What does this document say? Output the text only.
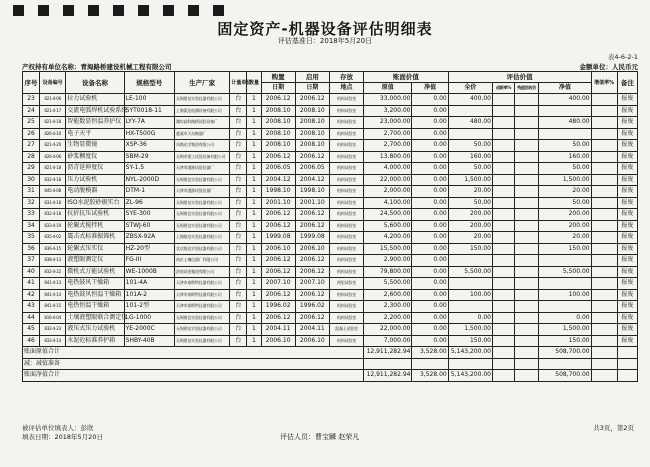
固定资产-机器设备评估明细表
评估基准日：2018年5月20日
表4-6-2-1
产权持有单位名称：青海路桥建设机械工程有限公司	金额单位：人民币元
序号	设备编号	设备名称	规格型号	生产厂家	计量单位	数量	购置	启用	存放	账面价值		评估价值				增值率%	备注
							日期	日期	地点	原值	净值	全价	成新率%	残值回收价	净值		
23	821-4-06	拉力试验机	LE-100	无锡建仪实验仪器有限公司	台	1	2006.12	2006.12	机料试验室	33,000.00	0.00	400.00			400.00		报废
24	821-4-17	交流电弧焊机试验系统	SYT0018-11	上海蒙达检测设备有限公司	台	1	2008.10	2008.10	机料试验室	3,200.00	0.00						报废
25	821-4-18	智能数显恒温养护仪	LYY-7A	潍坊高科路桥试验设备厂	台	1	2008.10	2008.10	机料试验室	23,000.00	0.00	480.00			480.00		报废
26	826-4-10	电子天平	HX-T500G	慈溪市天东衡器厂	台	1	2008.10	2008.10	机料试验室	2,700.00	0.00						报废
27	821-4-20	生物显微镜	XSP-36	凤凰光学集团有限公司	台	1	2008.10	2008.10	机料试验室	2,700.00	0.00	50.00			50.00		报废
28	826-4-06	砂浆稠度仪	SBM-29	无锡市建工试验设备有限公司	台	1	2006.12	2006.12	机料试验室	13,800.00	0.00	160.00			160.00		报废
29	821-4-18	沥青延伸度仪	SY-1.5	天津市港源试验仪器厂	台	1	2006.05	2006.05	机料试验室	4,000.00	0.00	50.00			50.00		报废
30	832-4-18	压力试验机	NYL-2000D	无锡建仪实验仪器有限公司	台	1	2004.12	2004.12	机料试验室	22,000.00	0.00	1,500.00			1,500.00		报废
31	845-4-08	电动脱模器	DTM-1	天津市港源试验仪器厂	台	1	1998.10	1998.10	机料试验室	2,000.00	0.00	20.00			20.00		报废
32	831-4-18	ISO水泥胶砂振实台	ZL-96	无锡建仪实验仪器有限公司	台	1	2001.10	2001.10	机料试验室	4,100.00	0.00	50.00			50.00		报废
33	832-4-18	抗折抗压试验机	SYE-300	无锡建仪实验仪器有限公司	台	1	2006.12	2006.12	机料试验室	24,500.00	0.00	200.00			200.00		报废
34	833-4-19	轮碾式搅拌机	STWJ-60	无锡建仪实验仪器有限公司	台	1	2006.12	2006.12	机料试验室	5,600.00	0.00	200.00			200.00		报废
35	835-4-02	震击式标准振筛机	ZBSX-92A	上海路达实验仪器有限公司	台	1	1999.08	1999.08	机料试验室	4,200.00	0.00	20.00			20.00		报废
36	836-4-15	轮碾式压实仪	HZ-20型	北京路达实验仪器有限公司	台	1	2006.10	2006.10	机料试验室	15,500.00	0.00	150.00			150.00		报废
37	838-4-13	液塑限测定仪	FG-III	南京土壤仪器厂有限公司	台	1	2006.12	2006.12	机料试验室	2,900.00	0.00						报废
40	832-4-22	微机式万能试验机	WE-1000B	济南试金集团有限公司	台	1	2006.12	2006.12	机料试验室	79,800.00	0.00	5,500.00			5,500.00		报废
41	841-4-13	电热鼓风干燥箱	101-4A	天津市泰斯特仪器有限公司	台	1	2007.10	2007.10	两里试验室	5,500.00	0.00						报废
42	841-4-14	电热鼓风恒温干燥箱	101A-2	天津市泰斯特仪器有限公司	台	1	2006.12	2006.12	机料试验室	2,600.00	0.00	100.00			100.00		报废
43	841-4-15	电热恒温干燥箱	101-2型	天津市泰斯特仪器有限公司	台	1	1996.02	1996.02	机料试验室	2,300.00	0.00						报废
44	816-4-04	土壤液塑限联合测定仪	LG-1000	无锡建仪实验仪器有限公司	台	1	2006.12	2006.12	机料试验室	2,200.00	0.00	0.00			0.00		报废
45	832-4-23	液压式压力试验机	YE-2000C	无锡建仪实验仪器有限公司	台	1	2004.11	2004.11	混凝土试验室	22,000.00	0.00	1,500.00			1,500.00		报废
46	833-4-14	水泥砼标准养护箱	SHBY-40B	无锡建仪实验仪器有限公司	台	1	2006.10	2006.10	机料试验室	7,000.00	0.00	150.00			150.00		报废
账面原值合计										12,911,282.94	3,528.00	5,143,200.00			508,700.00		
减：减值准备																	
账面净值合计										12,911,282.94	3,528.00	5,143,200.00			508,700.00		
被评估单位填表人：彭欣
填表日期：2018年5月20日	评估人员：曹宝麟 赵荣凡
共3页，第2页
